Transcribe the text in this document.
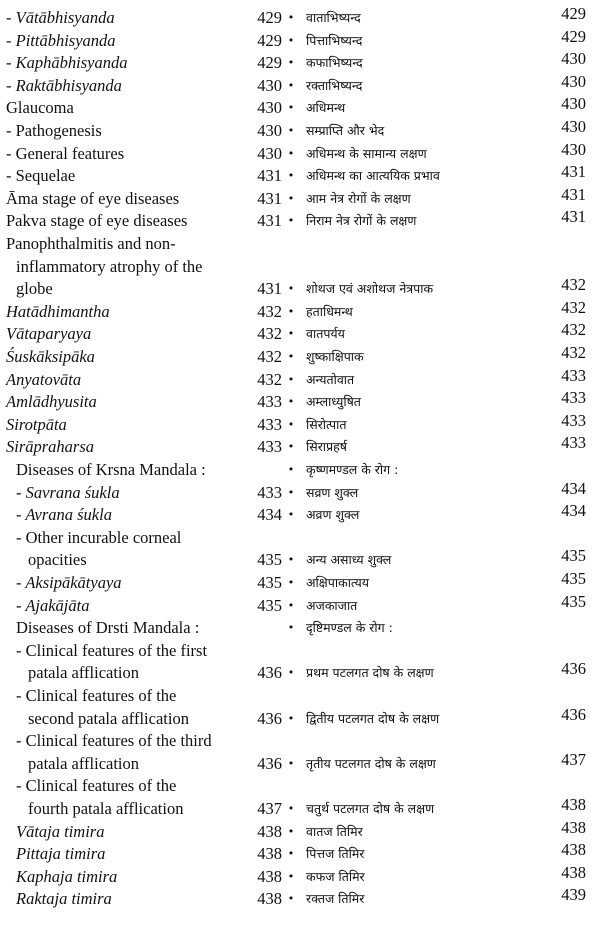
- Vātābhisyanda	429 • वाताभिष्यन्द	429
- Pittābhisyanda	429 • पित्ताभिष्यन्द	429
- Kaphābhisyanda	429 • कफाभिष्यन्द	430
- Raktābhisyanda	430 • रक्ताभिष्यन्द	430
Glaucoma	430 • अधिमन्थ	430
- Pathogenesis	430 • सम्प्राप्ति और भेद	430
- General features	430 • अधिमन्थ के सामान्य लक्षण	430
- Sequelae	431 • अधिमन्थ का आत्ययिक प्रभाव	431
Āma stage of eye diseases	431 • आम नेत्र रोगों के लक्षण	431
Pakva stage of eye diseases	431 • निराम नेत्र रोगों के लक्षण	431
Panophthalmitis and non-
inflammatory atrophy of the
globe	431 • शोथज एवं अशोथज नेत्रपाक	432
Hatādhimantha	432 • हताधिमन्थ	432
Vātaparyaya	432 • वातपर्यय	432
Śuskāksipāka	432 • शुष्काक्षिपाक	432
Anyatovāta	432 • अन्यतोवात	433
Amlādhyusita	433 • अम्लाध्युषित	433
Sirotpāta	433 • सिरोत्पात	433
Sirāpraharsa	433 • सिराप्रहर्ष	433
Diseases of Krsna Mandala :	• कृष्णमण्डल के रोग :
- Savrana śukla	433 • सव्रण शुक्ल	434
- Avrana śukla	434 • अव्रण शुक्ल	434
- Other incurable corneal
opacities	435 • अन्य असाध्य शुक्ल	435
- Aksipākātyaya	435 • अक्षिपाकात्यय	435
- Ajakājāta	435 • अजकाजात	435
Diseases of Drsti Mandala :	• दृष्टिमण्डल के रोग :
- Clinical features of the first
patala afflication	436 • प्रथम पटलगत दोष के लक्षण	436
- Clinical features of the
second patala afflication	436 • द्वितीय पटलगत दोष के लक्षण	436
- Clinical features of the third
patala afflication	436 • तृतीय पटलगत दोष के लक्षण	437
- Clinical features of the
fourth patala afflication	437 • चतुर्थ पटलगत दोष के लक्षण	438
Vātaja timira	438 • वातज तिमिर	438
Pittaja timira	438 • पित्तज तिमिर	438
Kaphaja timira	438 • कफज तिमिर	438
Raktaja timira	438 • रक्तज तिमिर	439
